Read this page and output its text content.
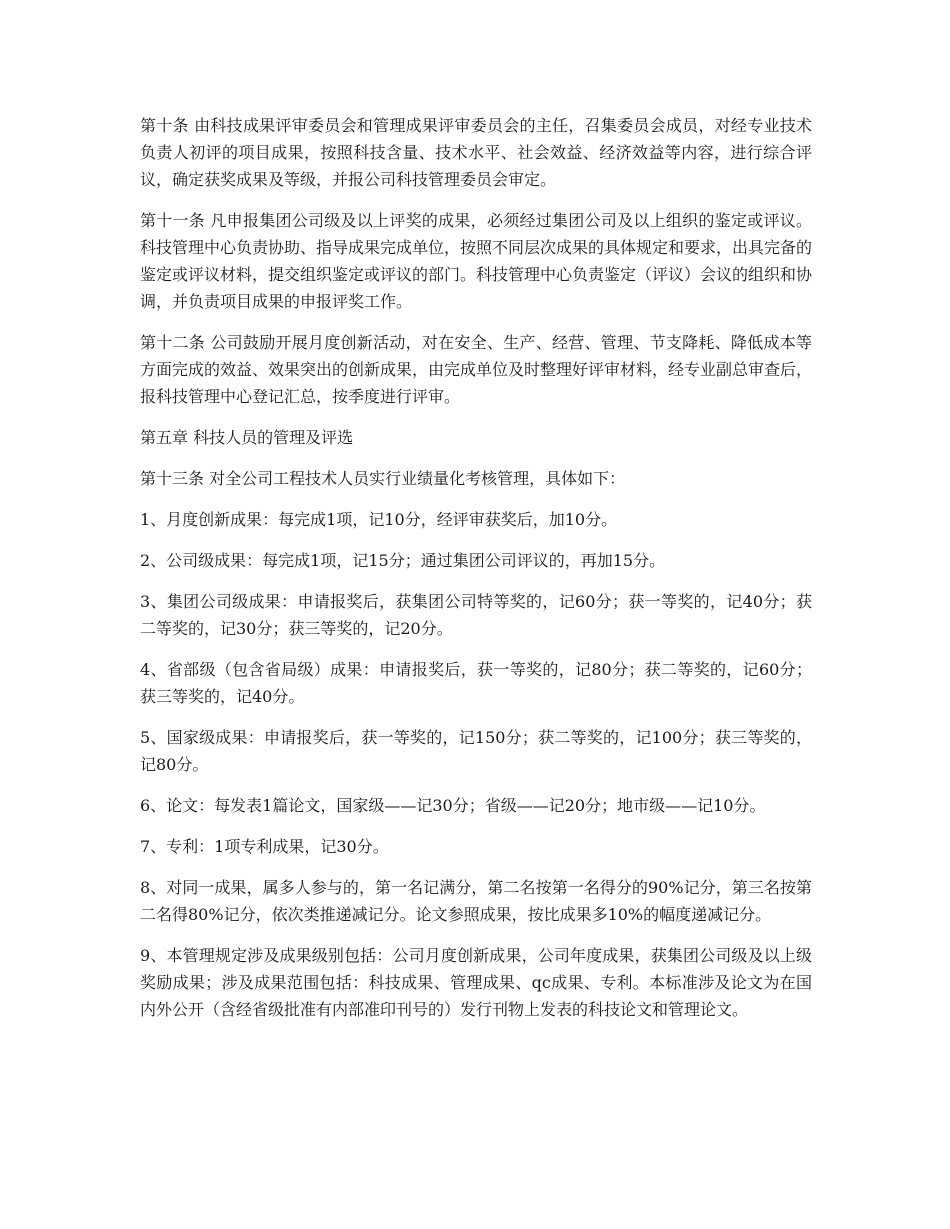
第十条 由科技成果评审委员会和管理成果评审委员会的主任，召集委员会成员，对经专业技术负责人初评的项目成果，按照科技含量、技术水平、社会效益、经济效益等内容，进行综合评议，确定获奖成果及等级，并报公司科技管理委员会审定。

第十一条 凡申报集团公司级及以上评奖的成果，必须经过集团公司及以上组织的鉴定或评议。科技管理中心负责协助、指导成果完成单位，按照不同层次成果的具体规定和要求，出具完备的鉴定或评议材料，提交组织鉴定或评议的部门。科技管理中心负责鉴定（评议）会议的组织和协调，并负责项目成果的申报评奖工作。

第十二条 公司鼓励开展月度创新活动，对在安全、生产、经营、管理、节支降耗、降低成本等方面完成的效益、效果突出的创新成果，由完成单位及时整理好评审材料，经专业副总审查后，报科技管理中心登记汇总，按季度进行评审。

第五章 科技人员的管理及评选

第十三条 对全公司工程技术人员实行业绩量化考核管理，具体如下：

1、月度创新成果：每完成1项，记10分，经评审获奖后，加10分。

2、公司级成果：每完成1项，记15分；通过集团公司评议的，再加15分。

3、集团公司级成果：申请报奖后，获集团公司特等奖的，记60分；获一等奖的，记40分；获二等奖的，记30分；获三等奖的，记20分。

4、省部级（包含省局级）成果：申请报奖后，获一等奖的，记80分；获二等奖的，记60分；获三等奖的，记40分。

5、国家级成果：申请报奖后，获一等奖的，记150分；获二等奖的，记100分；获三等奖的，记80分。

6、论文：每发表1篇论文，国家级——记30分；省级——记20分；地市级——记10分。

7、专利：1项专利成果，记30分。

8、对同一成果，属多人参与的，第一名记满分，第二名按第一名得分的90%记分，第三名按第二名得80%记分，依次类推递减记分。论文参照成果，按比成果多10%的幅度递减记分。

9、本管理规定涉及成果级别包括：公司月度创新成果，公司年度成果，获集团公司级及以上级奖励成果；涉及成果范围包括：科技成果、管理成果、qc成果、专利。本标准涉及论文为在国内外公开（含经省级批准有内部准印刊号的）发行刊物上发表的科技论文和管理论文。
